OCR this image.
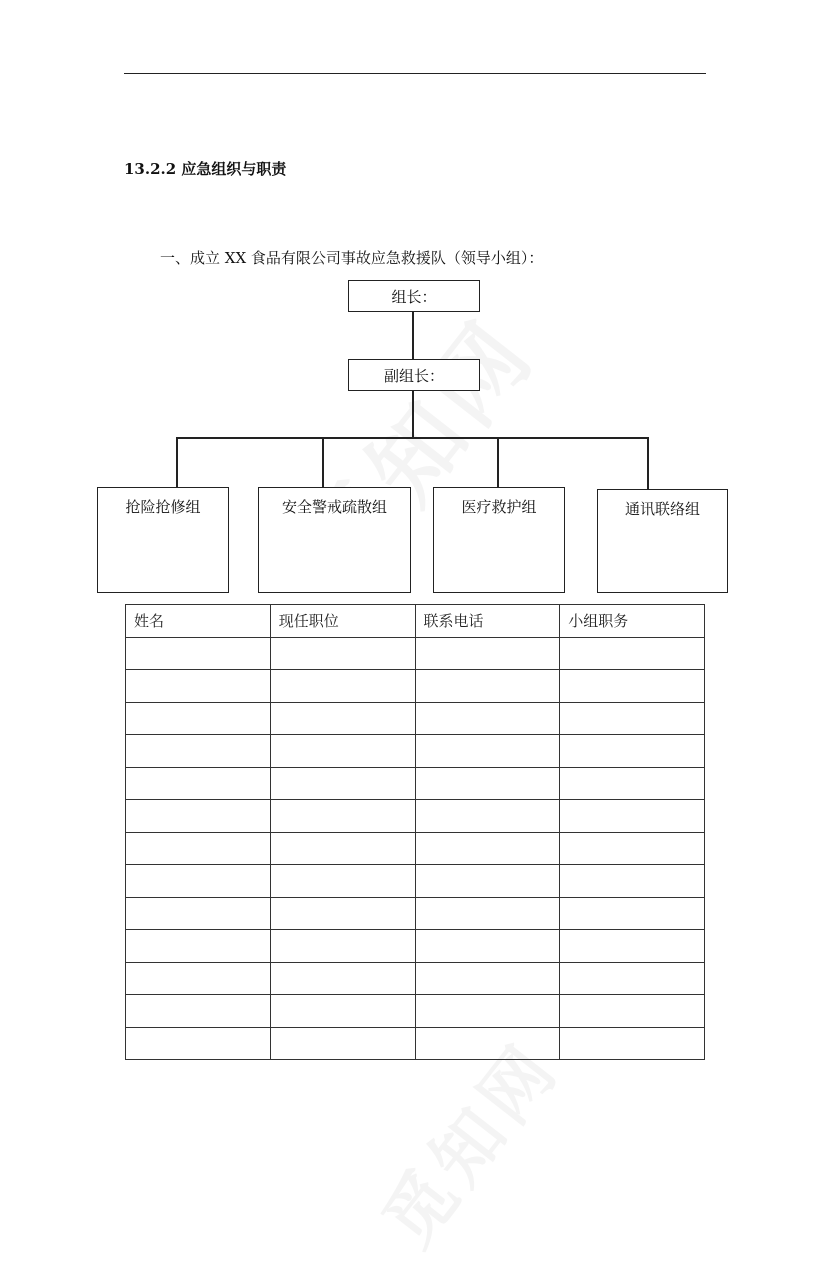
13.2.2 应急组织与职责
一、成立 XX 食品有限公司事故应急救援队（领导小组）：
组长：
副组长：
抢险抢修组	安全警戒疏散组	医疗救护组	通讯联络组
姓名	现任职位	联系电话	小组职务
